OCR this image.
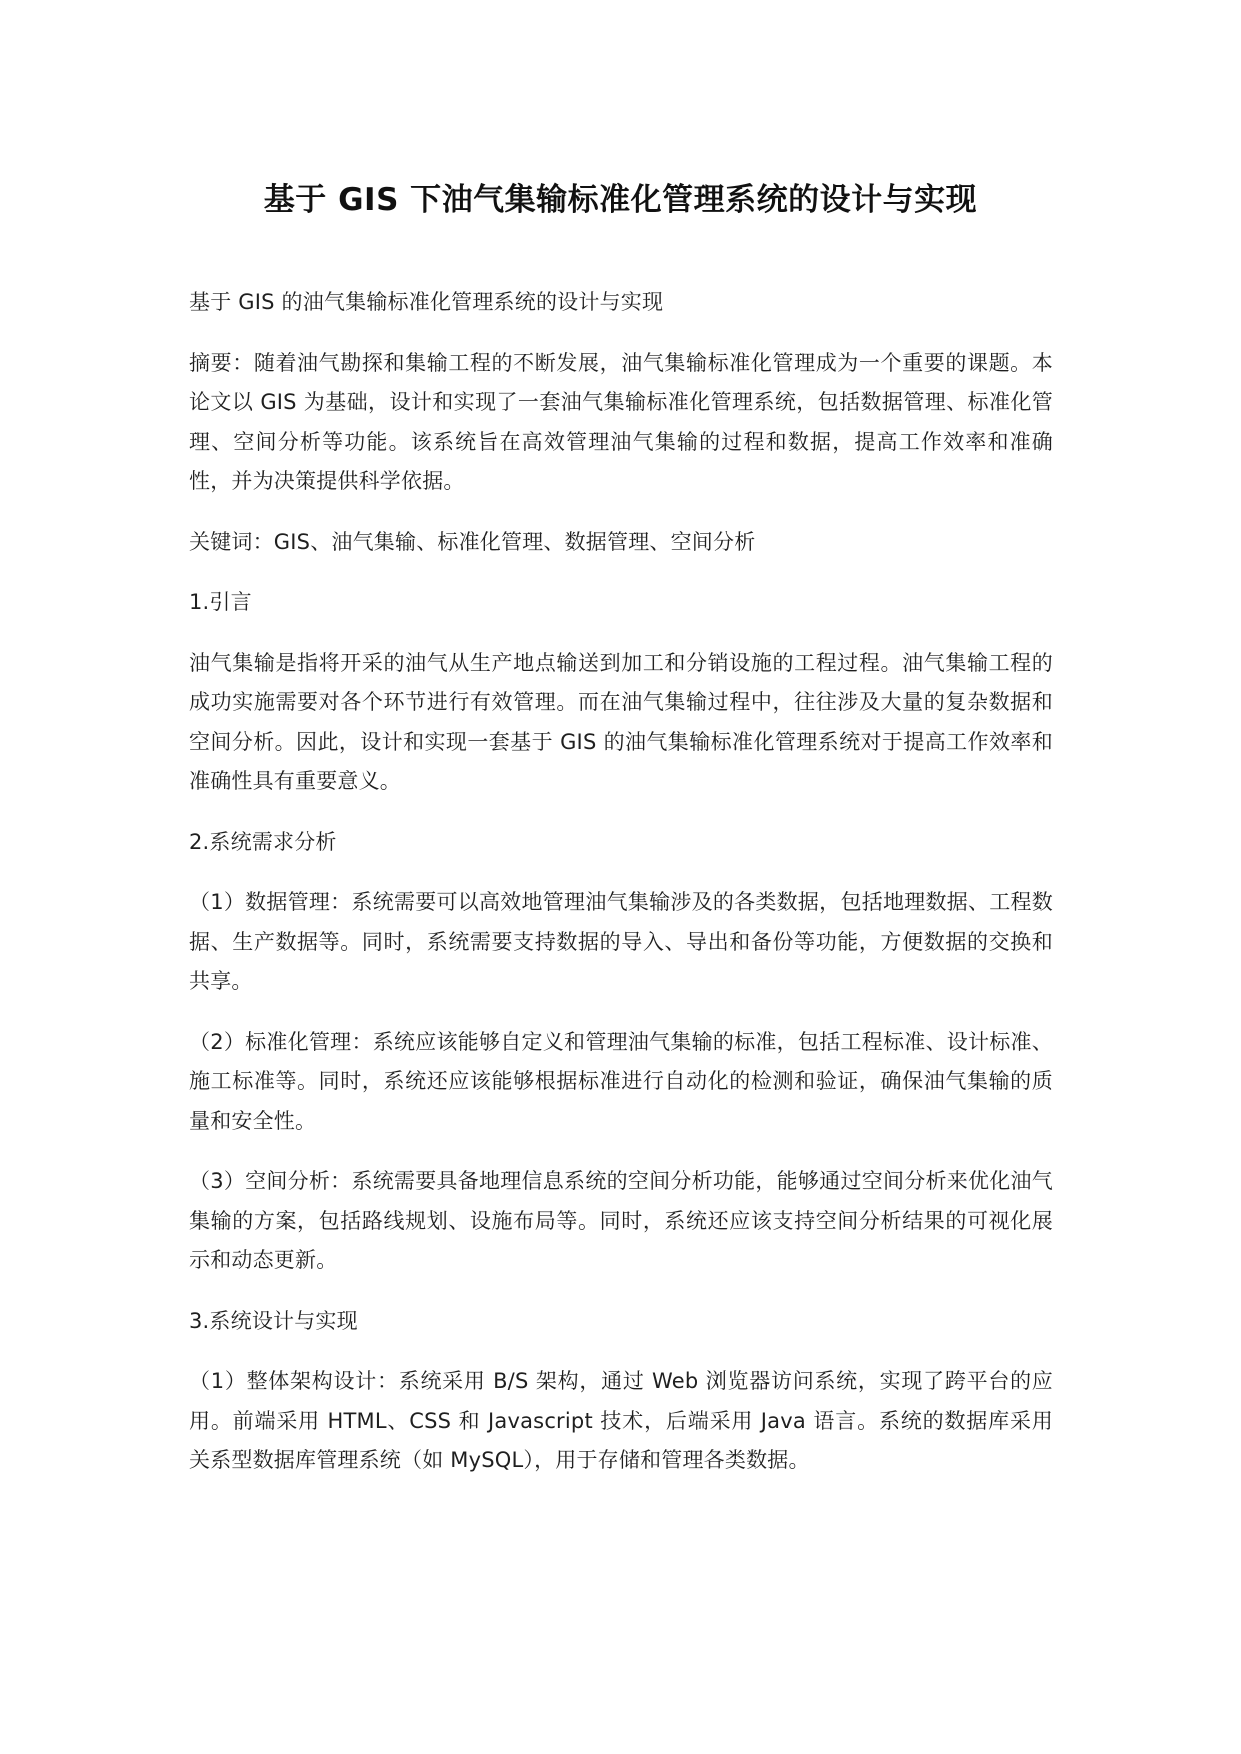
基于 GIS 下油气集输标准化管理系统的设计与实现

基于 GIS 的油气集输标准化管理系统的设计与实现

摘要：随着油气勘探和集输工程的不断发展，油气集输标准化管理成为一个重要的课题。本论文以 GIS 为基础，设计和实现了一套油气集输标准化管理系统，包括数据管理、标准化管理、空间分析等功能。该系统旨在高效管理油气集输的过程和数据，提高工作效率和准确性，并为决策提供科学依据。

关键词：GIS、油气集输、标准化管理、数据管理、空间分析

1.引言

油气集输是指将开采的油气从生产地点输送到加工和分销设施的工程过程。油气集输工程的成功实施需要对各个环节进行有效管理。而在油气集输过程中，往往涉及大量的复杂数据和空间分析。因此，设计和实现一套基于 GIS 的油气集输标准化管理系统对于提高工作效率和准确性具有重要意义。

2.系统需求分析

（1）数据管理：系统需要可以高效地管理油气集输涉及的各类数据，包括地理数据、工程数据、生产数据等。同时，系统需要支持数据的导入、导出和备份等功能，方便数据的交换和共享。

（2）标准化管理：系统应该能够自定义和管理油气集输的标准，包括工程标准、设计标准、施工标准等。同时，系统还应该能够根据标准进行自动化的检测和验证，确保油气集输的质量和安全性。

（3）空间分析：系统需要具备地理信息系统的空间分析功能，能够通过空间分析来优化油气集输的方案，包括路线规划、设施布局等。同时，系统还应该支持空间分析结果的可视化展示和动态更新。

3.系统设计与实现

（1）整体架构设计：系统采用 B/S 架构，通过 Web 浏览器访问系统，实现了跨平台的应用。前端采用 HTML、CSS 和 Javascript 技术，后端采用 Java 语言。系统的数据库采用关系型数据库管理系统（如 MySQL），用于存储和管理各类数据。
